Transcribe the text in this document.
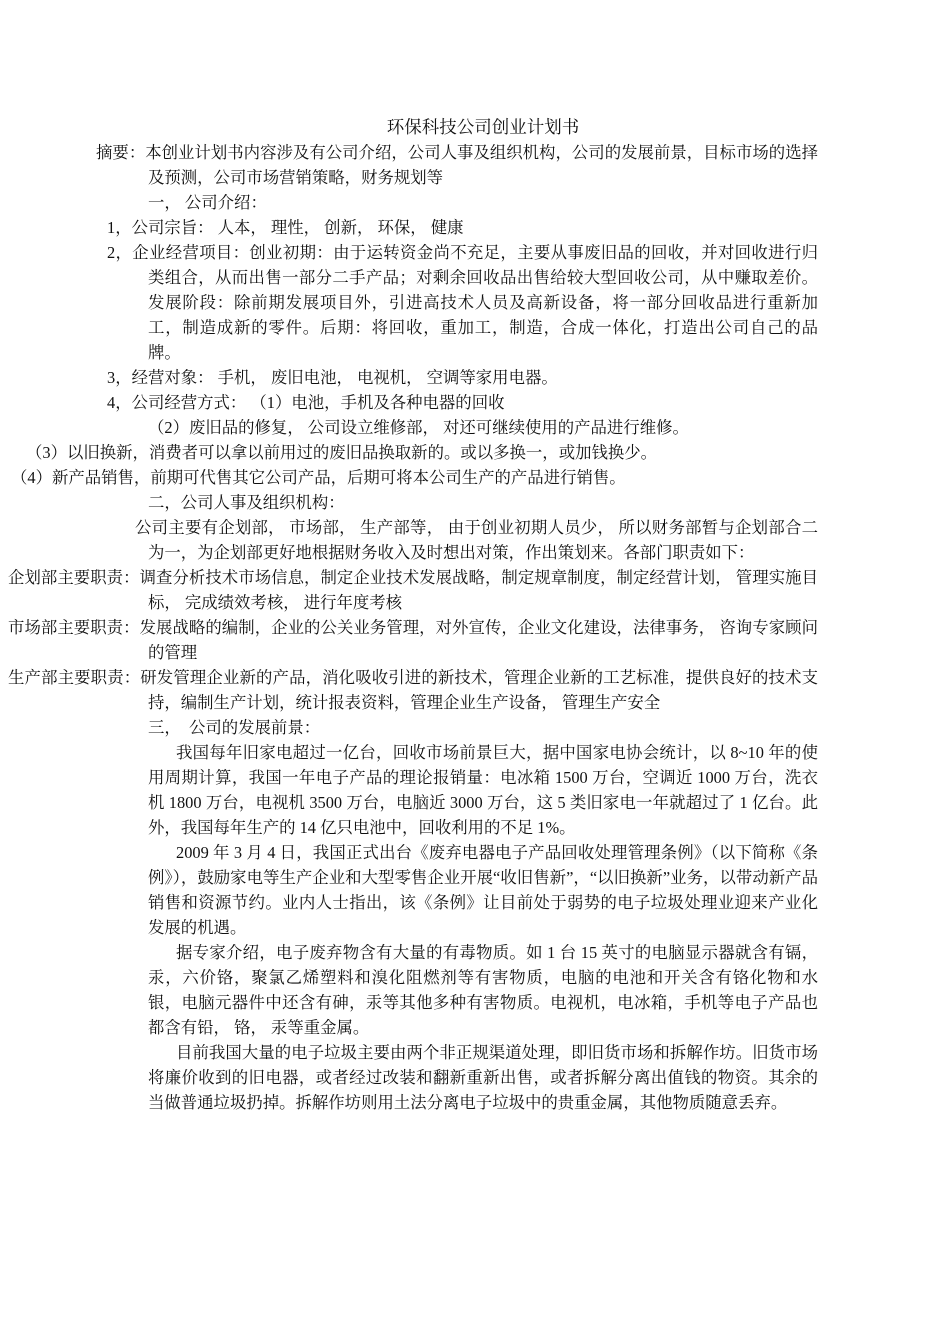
环保科技公司创业计划书

摘要：本创业计划书内容涉及有公司介绍，公司人事及组织机构，公司的发展前景，目标市场的选择及预测，公司市场营销策略，财务规划等

一， 公司介绍：

1，公司宗旨： 人本， 理性， 创新， 环保， 健康

2，企业经营项目：创业初期：由于运转资金尚不充足，主要从事废旧品的回收，并对回收进行归类组合，从而出售一部分二手产品；对剩余回收品出售给较大型回收公司，从中赚取差价。发展阶段：除前期发展项目外，引进高技术人员及高新设备，将一部分回收品进行重新加工，制造成新的零件。后期：将回收，重加工，制造，合成一体化，打造出公司自己的品牌。

3，经营对象： 手机， 废旧电池， 电视机， 空调等家用电器。

4，公司经营方式： （1）电池，手机及各种电器的回收

（2）废旧品的修复， 公司设立维修部， 对还可继续使用的产品进行维修。

（3）以旧换新，消费者可以拿以前用过的废旧品换取新的。或以多换一，或加钱换少。

（4）新产品销售，前期可代售其它公司产品，后期可将本公司生产的产品进行销售。

二，公司人事及组织机构：

公司主要有企划部， 市场部， 生产部等， 由于创业初期人员少， 所以财务部暂与企划部合二为一，为企划部更好地根据财务收入及时想出对策，作出策划来。各部门职责如下：

企划部主要职责：调查分析技术市场信息，制定企业技术发展战略，制定规章制度，制定经营计划， 管理实施目标， 完成绩效考核， 进行年度考核

市场部主要职责：发展战略的编制，企业的公关业务管理，对外宣传，企业文化建设，法律事务， 咨询专家顾问的管理

生产部主要职责：研发管理企业新的产品，消化吸收引进的新技术，管理企业新的工艺标准，提供良好的技术支持，编制生产计划，统计报表资料，管理企业生产设备， 管理生产安全

三，　公司的发展前景：

我国每年旧家电超过一亿台，回收市场前景巨大，据中国家电协会统计，以 8~10 年的使用周期计算，我国一年电子产品的理论报销量：电冰箱 1500 万台，空调近 1000 万台，洗衣机 1800 万台，电视机 3500 万台，电脑近 3000 万台，这 5 类旧家电一年就超过了 1 亿台。此外，我国每年生产的 14 亿只电池中，回收利用的不足 1%。

2009 年 3 月 4 日，我国正式出台《废弃电器电子产品回收处理管理条例》（以下简称《条例》），鼓励家电等生产企业和大型零售企业开展“收旧售新”，“以旧换新”业务，以带动新产品销售和资源节约。业内人士指出，该《条例》让目前处于弱势的电子垃圾处理业迎来产业化发展的机遇。

据专家介绍，电子废弃物含有大量的有毒物质。如 1 台 15 英寸的电脑显示器就含有镉，汞，六价铬，聚氯乙烯塑料和溴化阻燃剂等有害物质，电脑的电池和开关含有铬化物和水银，电脑元器件中还含有砷，汞等其他多种有害物质。电视机，电冰箱，手机等电子产品也都含有铅， 铬， 汞等重金属。

目前我国大量的电子垃圾主要由两个非正规渠道处理，即旧货市场和拆解作坊。旧货市场将廉价收到的旧电器，或者经过改装和翻新重新出售，或者拆解分离出值钱的物资。其余的当做普通垃圾扔掉。拆解作坊则用土法分离电子垃圾中的贵重金属，其他物质随意丢弃。
